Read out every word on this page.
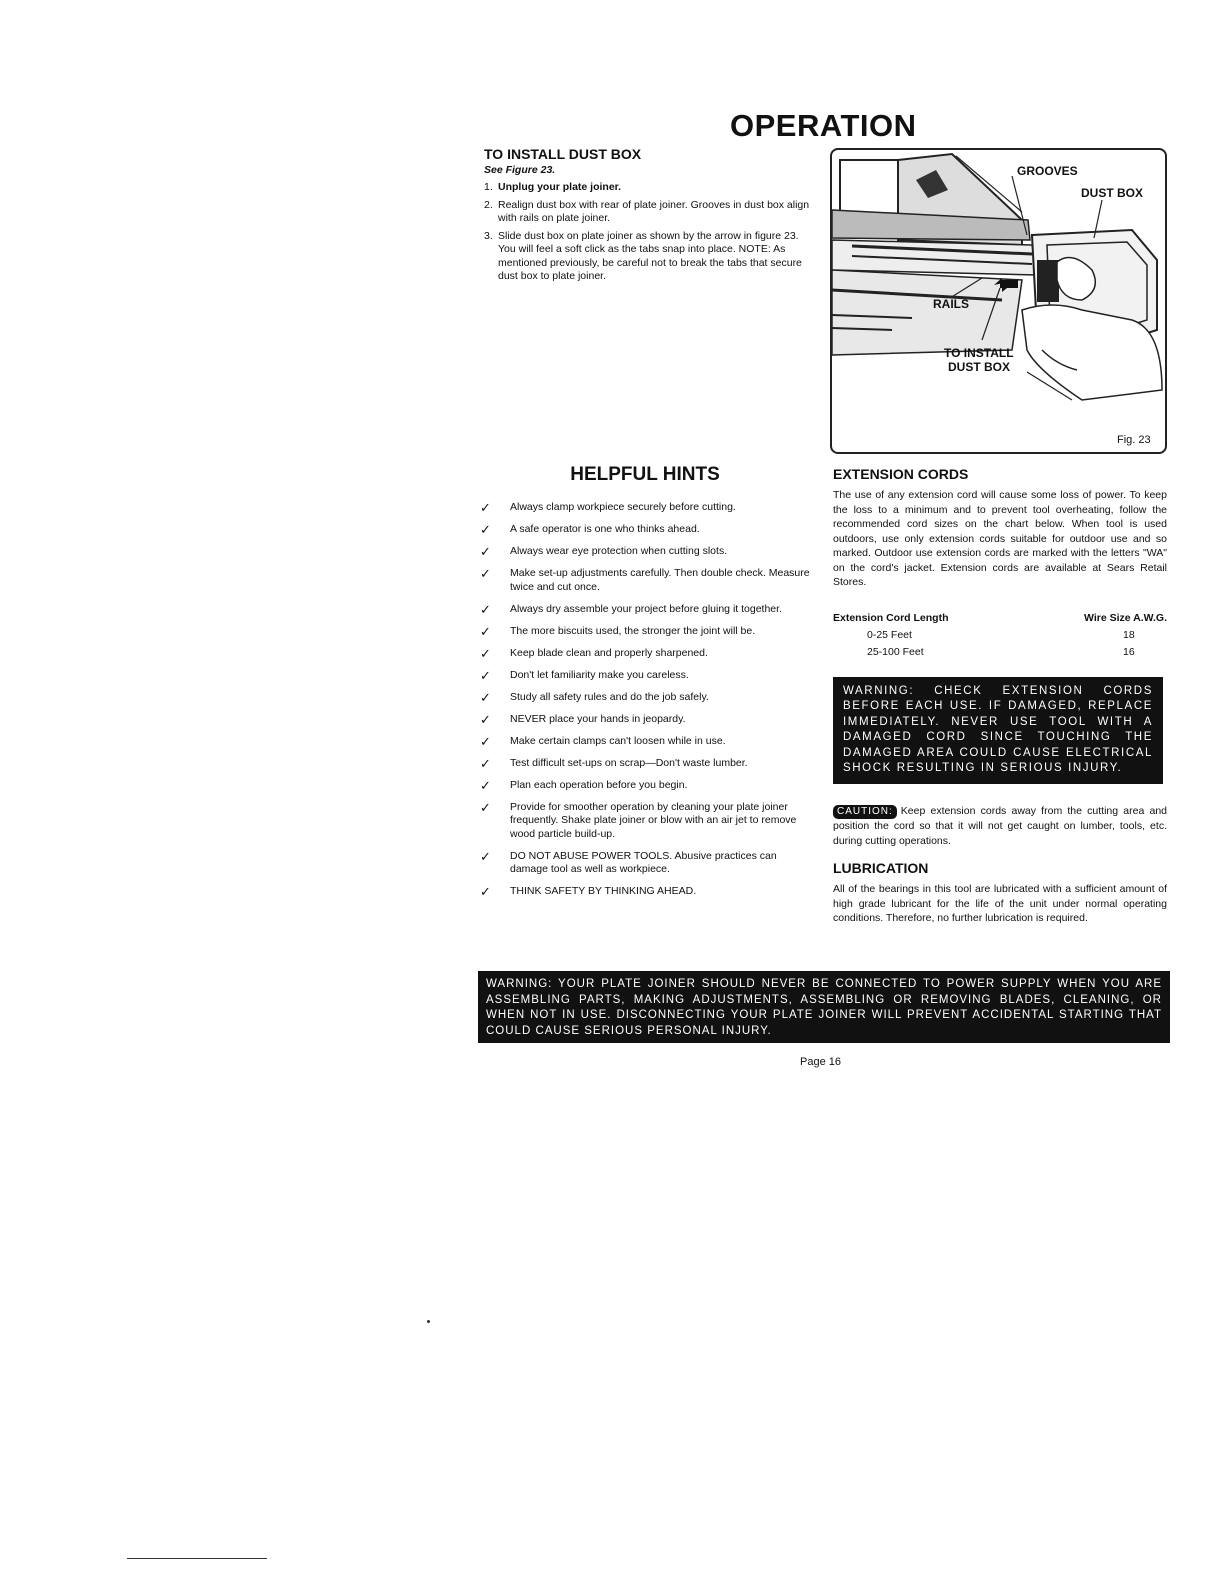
OPERATION
TO INSTALL DUST BOX
See Figure 23.
1. Unplug your plate joiner.
2. Realign dust box with rear of plate joiner. Grooves in dust box align with rails on plate joiner.
3. Slide dust box on plate joiner as shown by the arrow in figure 23. You will feel a soft click as the tabs snap into place. NOTE: As mentioned previously, be careful not to break the tabs that secure dust box to plate joiner.
GROOVES
DUST BOX
RAILS
TO INSTALL
DUST BOX
Fig. 23
HELPFUL HINTS
✓	Always clamp workpiece securely before cutting.
✓	A safe operator is one who thinks ahead.
✓	Always wear eye protection when cutting slots.
✓	Make set-up adjustments carefully. Then double check. Measure twice and cut once.
✓	Always dry assemble your project before gluing it together.
✓	The more biscuits used, the stronger the joint will be.
✓	Keep blade clean and properly sharpened.
✓	Don't let familiarity make you careless.
✓	Study all safety rules and do the job safely.
✓	NEVER place your hands in jeopardy.
✓	Make certain clamps can't loosen while in use.
✓	Test difficult set-ups on scrap—Don't waste lumber.
✓	Plan each operation before you begin.
✓	Provide for smoother operation by cleaning your plate joiner frequently. Shake plate joiner or blow with an air jet to remove wood particle build-up.
✓	DO NOT ABUSE POWER TOOLS. Abusive practices can damage tool as well as workpiece.
✓	THINK SAFETY BY THINKING AHEAD.
EXTENSION CORDS
The use of any extension cord will cause some loss of power. To keep the loss to a minimum and to prevent tool overheating, follow the recommended cord sizes on the chart below. When tool is used outdoors, use only extension cords suitable for outdoor use and so marked. Outdoor use extension cords are marked with the letters "WA" on the cord's jacket. Extension cords are available at Sears Retail Stores.
Extension Cord Length	Wire Size A.W.G.
0-25 Feet	18
25-100 Feet	16
WARNING: CHECK EXTENSION CORDS BEFORE EACH USE. IF DAMAGED, REPLACE IMMEDIATELY. NEVER USE TOOL WITH A DAMAGED CORD SINCE TOUCHING THE DAMAGED AREA COULD CAUSE ELECTRICAL SHOCK RESULTING IN SERIOUS INJURY.
CAUTION: Keep extension cords away from the cutting area and position the cord so that it will not get caught on lumber, tools, etc. during cutting operations.
LUBRICATION
All of the bearings in this tool are lubricated with a sufficient amount of high grade lubricant for the life of the unit under normal operating conditions. Therefore, no further lubrication is required.
WARNING: YOUR PLATE JOINER SHOULD NEVER BE CONNECTED TO POWER SUPPLY WHEN YOU ARE ASSEMBLING PARTS, MAKING ADJUSTMENTS, ASSEMBLING OR REMOVING BLADES, CLEANING, OR WHEN NOT IN USE. DISCONNECTING YOUR PLATE JOINER WILL PREVENT ACCIDENTAL STARTING THAT COULD CAUSE SERIOUS PERSONAL INJURY.
Page 16
